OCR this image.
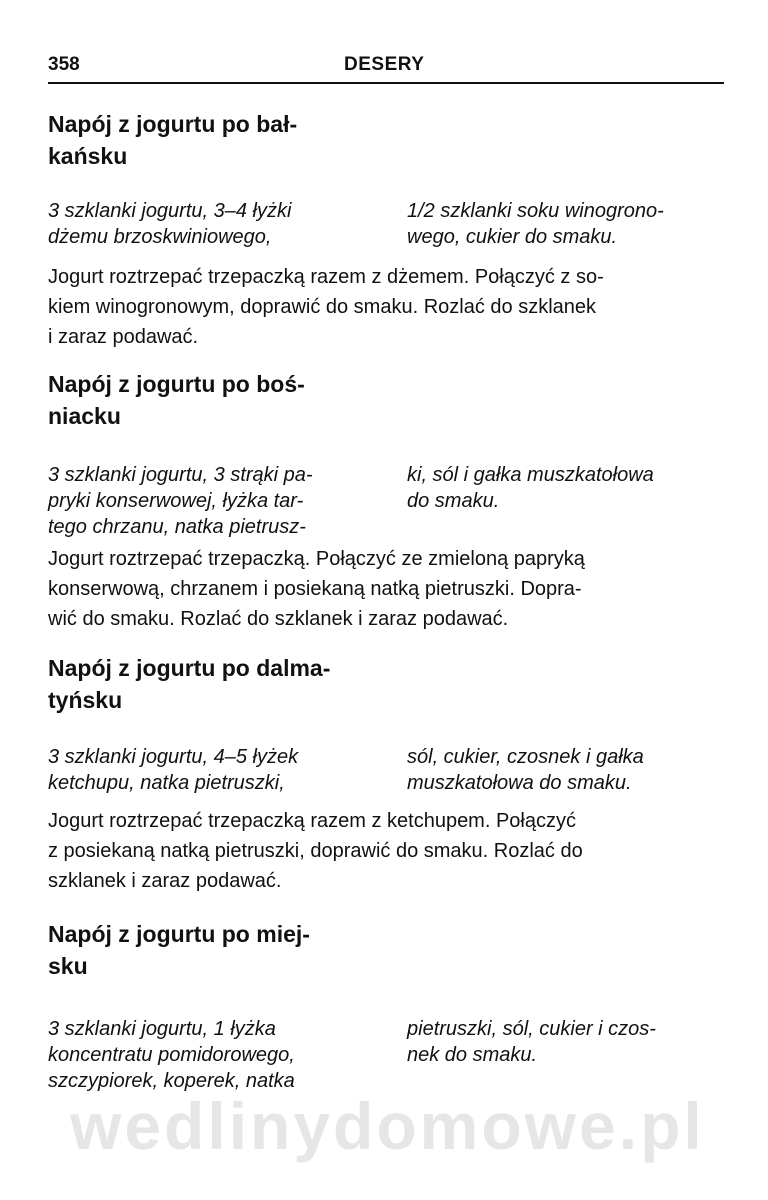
wedlinydomowe.pl
358	DESERY
Napój z jogurtu po bał-
kańsku
3 szklanki jogurtu, 3–4 łyżki
dżemu brzoskwiniowego,
1/2 szklanki soku winogrono-
wego, cukier do smaku.
Jogurt roztrzepać trzepaczką razem z dżemem. Połączyć z so-
kiem winogronowym, doprawić do smaku. Rozlać do szklanek
i zaraz podawać.
Napój z jogurtu po boś-
niacku
3 szklanki jogurtu, 3 strąki pa-
pryki konserwowej, łyżka tar-
tego chrzanu, natka pietrusz-
ki, sól i gałka muszkatołowa
do smaku.
Jogurt roztrzepać trzepaczką. Połączyć ze zmieloną papryką
konserwową, chrzanem i posiekaną natką pietruszki. Dopra-
wić do smaku. Rozlać do szklanek i zaraz podawać.
Napój z jogurtu po dalma-
tyńsku
3 szklanki jogurtu, 4–5 łyżek
ketchupu, natka pietruszki,
sól, cukier, czosnek i gałka
muszkatołowa do smaku.
Jogurt roztrzepać trzepaczką razem z ketchupem. Połączyć
z posiekaną natką pietruszki, doprawić do smaku. Rozlać do
szklanek i zaraz podawać.
Napój z jogurtu po miej-
sku
3 szklanki jogurtu, 1 łyżka
koncentratu pomidorowego,
szczypiorek, koperek, natka
pietruszki, sól, cukier i czos-
nek do smaku.
